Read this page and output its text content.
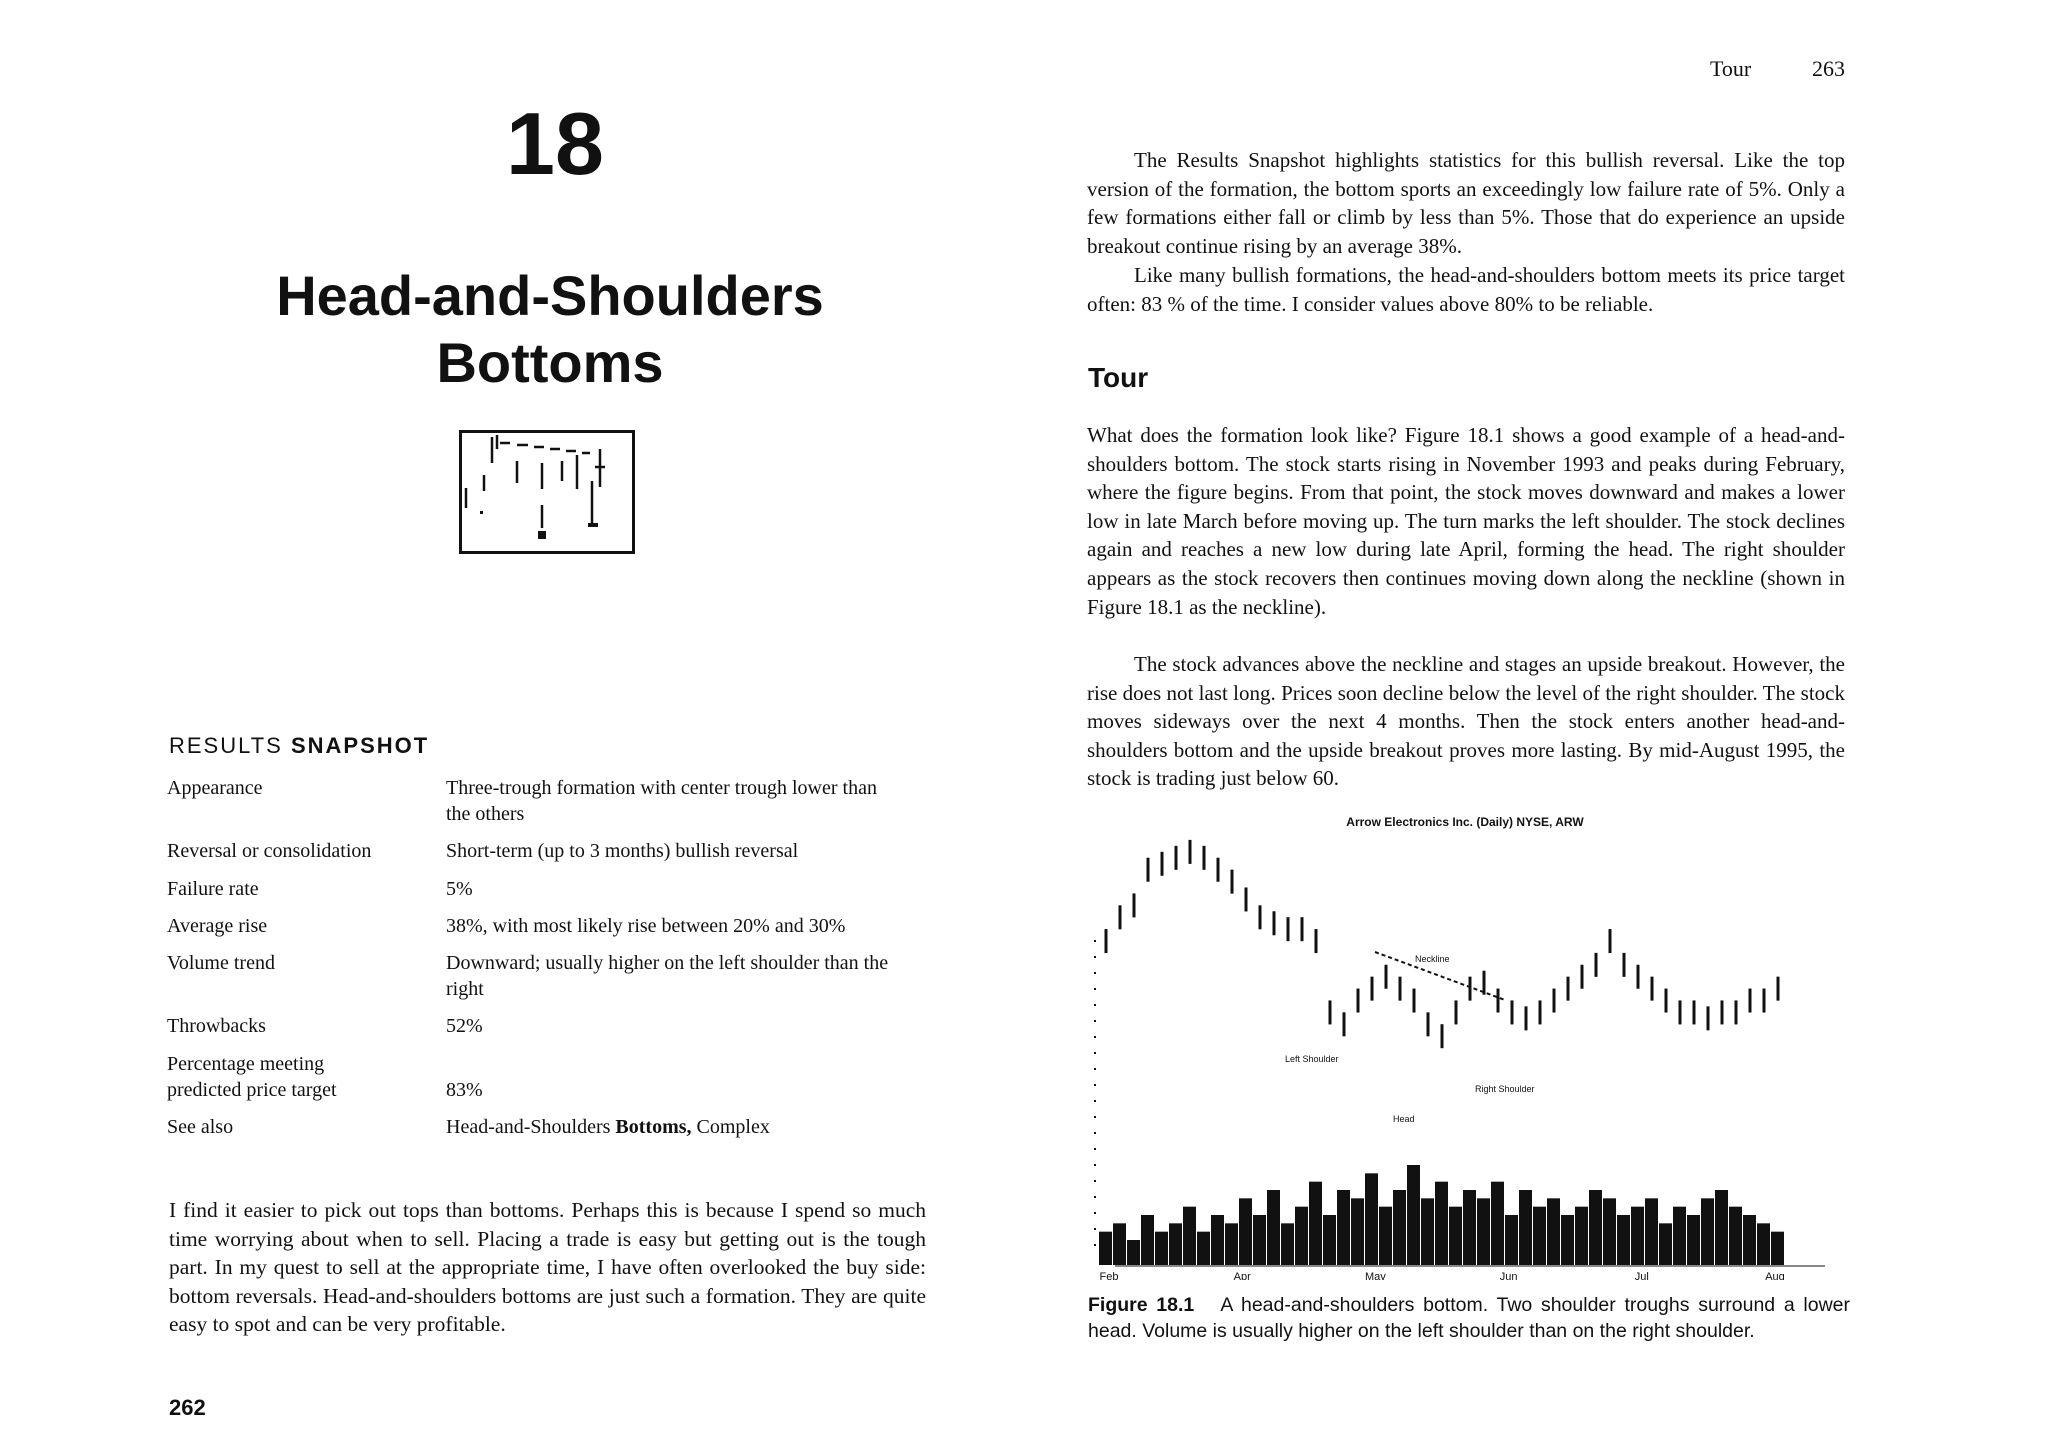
18
Head-and-Shoulders
Bottoms
RESULTS SNAPSHOT
Appearance	Three-trough formation with center trough lower than the others
Reversal or consolidation	Short-term (up to 3 months) bullish reversal
Failure rate	5%
Average rise	38%, with most likely rise between 20% and 30%
Volume trend	Downward; usually higher on the left shoulder than the right
Throwbacks	52%
Percentage meeting predicted price target	83%
See also	Head-and-Shoulders Bottoms, Complex
I find it easier to pick out tops than bottoms. Perhaps this is because I spend so much time worrying about when to sell. Placing a trade is easy but getting out is the tough part. In my quest to sell at the appropriate time, I have often overlooked the buy side: bottom reversals. Head-and-shoulders bottoms are just such a formation. They are quite easy to spot and can be very profitable.
262
Tour	263
The Results Snapshot highlights statistics for this bullish reversal. Like the top version of the formation, the bottom sports an exceedingly low failure rate of 5%. Only a few formations either fall or climb by less than 5%. Those that do experience an upside breakout continue rising by an average 38%.
Like many bullish formations, the head-and-shoulders bottom meets its price target often: 83 % of the time. I consider values above 80% to be reliable.
Tour
What does the formation look like? Figure 18.1 shows a good example of a head-and-shoulders bottom. The stock starts rising in November 1993 and peaks during February, where the figure begins. From that point, the stock moves downward and makes a lower low in late March before moving up. The turn marks the left shoulder. The stock declines again and reaches a new low during late April, forming the head. The right shoulder appears as the stock recovers then continues moving down along the neckline (shown in Figure 18.1 as the neckline).
The stock advances above the neckline and stages an upside breakout. However, the rise does not last long. Prices soon decline below the level of the right shoulder. The stock moves sideways over the next 4 months. Then the stock enters another head-and-shoulders bottom and the upside breakout proves more lasting. By mid-August 1995, the stock is trading just below 60.
Arrow Electronics Inc. (Daily) NYSE, ARW
Neckline
Left Shoulder
Right Shoulder
Head
Feb	Apr	May	Jun	Jul	Aug
Figure 18.1 A head-and-shoulders bottom. Two shoulder troughs surround a lower head. Volume is usually higher on the left shoulder than on the right shoulder.
